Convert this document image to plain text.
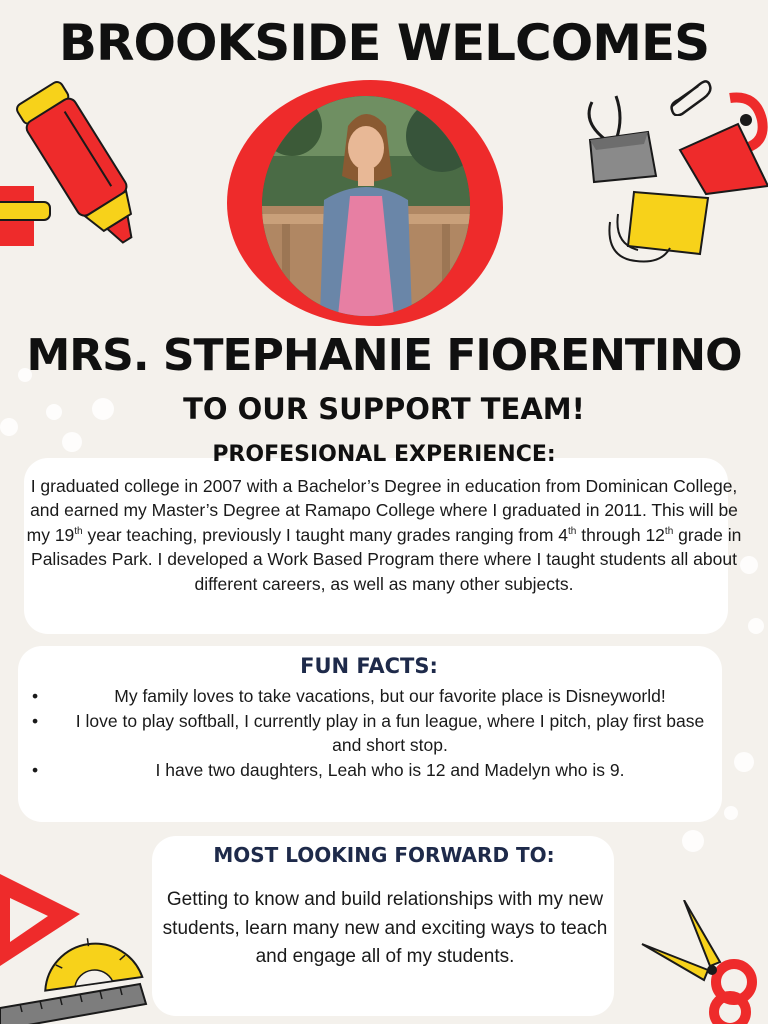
BROOKSIDE WELCOMES
MRS. STEPHANIE FIORENTINO
TO OUR SUPPORT TEAM!
PROFESIONAL EXPERIENCE:

I graduated college in 2007 with a Bachelor’s Degree in education from Dominican College, and earned my Master’s Degree at Ramapo College where I graduated in 2011. This will be my 19th year teaching, previously I taught many grades ranging from 4th through 12th grade in Palisades Park. I developed a Work Based Program there where I taught students all about different careers, as well as many other subjects.

FUN FACTS:
•	My family loves to take vacations, but our favorite place is Disneyworld!
• I love to play softball, I currently play in a fun league, where I pitch, play first base and short stop.
•	I have two daughters, Leah who is 12 and Madelyn who is 9.
MOST LOOKING FORWARD TO:

Getting to know and build relationships with my new students, learn many new and exciting ways to teach and engage all of my students.
